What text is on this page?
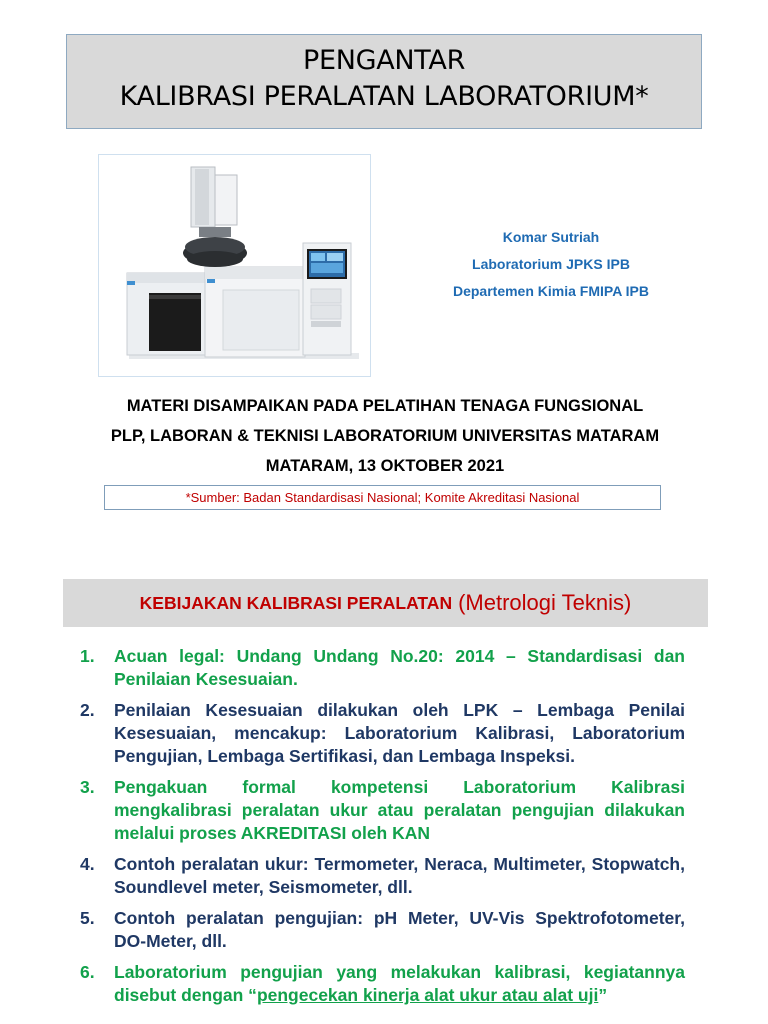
PENGANTAR
KALIBRASI PERALATAN LABORATORIUM*
Komar Sutriah
Laboratorium JPKS IPB
Departemen Kimia FMIPA IPB
MATERI DISAMPAIKAN PADA PELATIHAN TENAGA FUNGSIONAL
PLP, LABORAN & TEKNISI LABORATORIUM UNIVERSITAS MATARAM
MATARAM, 13 OKTOBER 2021
*Sumber: Badan Standardisasi Nasional; Komite Akreditasi Nasional
KEBIJAKAN KALIBRASI PERALATAN (Metrologi Teknis)
1. Acuan legal: Undang Undang No.20: 2014 – Standardisasi dan Penilaian Kesesuaian.
2. Penilaian Kesesuaian dilakukan oleh LPK – Lembaga Penilai Kesesuaian, mencakup: Laboratorium Kalibrasi, Laboratorium Pengujian, Lembaga Sertifikasi, dan Lembaga Inspeksi.
3. Pengakuan formal kompetensi Laboratorium Kalibrasi mengkalibrasi peralatan ukur atau peralatan pengujian dilakukan melalui proses AKREDITASI oleh KAN
4. Contoh peralatan ukur: Termometer, Neraca, Multimeter, Stopwatch, Soundlevel meter, Seismometer, dll.
5. Contoh peralatan pengujian: pH Meter, UV-Vis Spektrofotometer, DO-Meter, dll.
6. Laboratorium pengujian yang melakukan kalibrasi, kegiatannya disebut dengan “pengecekan kinerja alat ukur atau alat uji”
